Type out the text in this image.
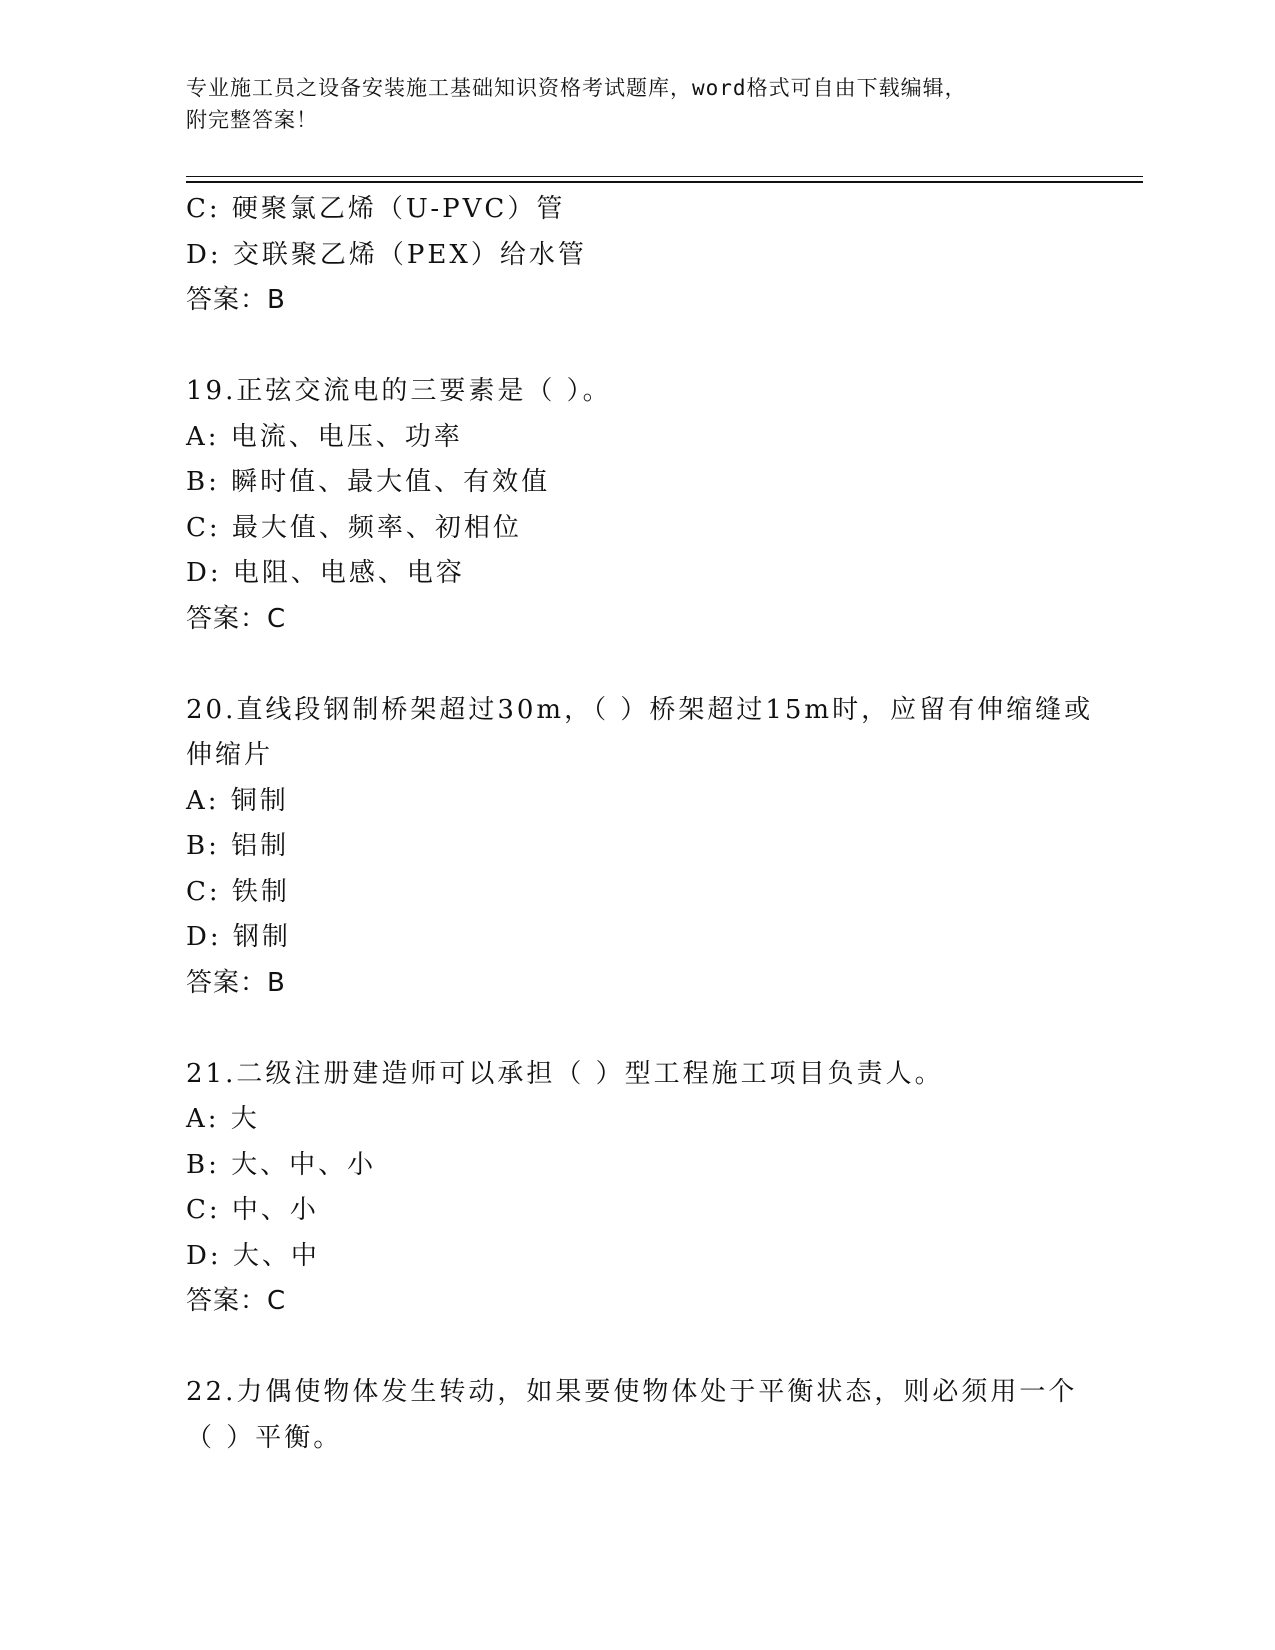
专业施工员之设备安装施工基础知识资格考试题库，word格式可自由下载编辑，
附完整答案！
C: 硬聚氯乙烯（U-PVC）管
D: 交联聚乙烯（PEX）给水管
答案：B
19.正弦交流电的三要素是（ ）。
A: 电流、电压、功率
B: 瞬时值、最大值、有效值
C: 最大值、频率、初相位
D: 电阻、电感、电容
答案：C
20.直线段钢制桥架超过30m，（ ）桥架超过15m时，应留有伸缩缝或
伸缩片
A: 铜制
B: 铝制
C: 铁制
D: 钢制
答案：B
21.二级注册建造师可以承担（ ）型工程施工项目负责人。
A: 大
B: 大、中、小
C: 中、小
D: 大、中
答案：C
22.力偶使物体发生转动，如果要使物体处于平衡状态，则必须用一个
（ ）平衡。
